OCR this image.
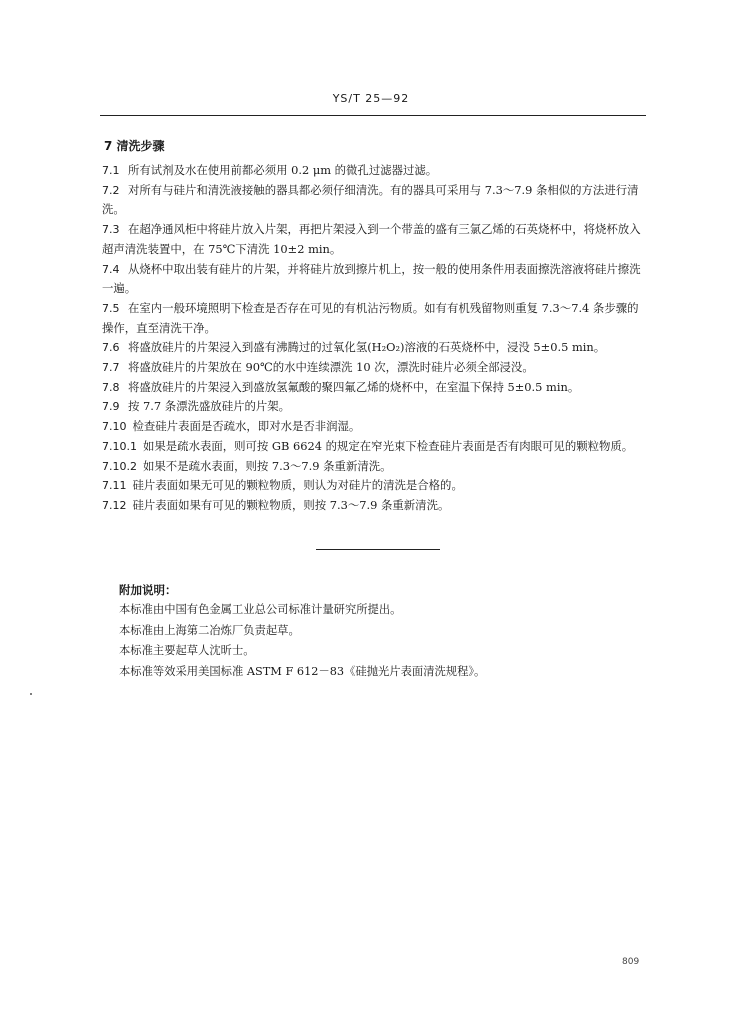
YS/T 25—92
7 清洗步骤

7.1 所有试剂及水在使用前都必须用 0.2 μm 的微孔过滤器过滤。

7.2 对所有与硅片和清洗液接触的器具都必须仔细清洗。有的器具可采用与 7.3～7.9 条相似的方法进行清洗。

7.3 在超净通风柜中将硅片放入片架，再把片架浸入到一个带盖的盛有三氯乙烯的石英烧杯中，将烧杯放入超声清洗装置中，在 75℃下清洗 10±2 min。

7.4 从烧杯中取出装有硅片的片架，并将硅片放到擦片机上，按一般的使用条件用表面擦洗溶液将硅片擦洗一遍。

7.5 在室内一般环境照明下检查是否存在可见的有机沾污物质。如有有机残留物则重复 7.3～7.4 条步骤的操作，直至清洗干净。

7.6 将盛放硅片的片架浸入到盛有沸腾过的过氧化氢(H₂O₂)溶液的石英烧杯中，浸没 5±0.5 min。

7.7 将盛放硅片的片架放在 90℃的水中连续漂洗 10 次，漂洗时硅片必须全部浸没。

7.8 将盛放硅片的片架浸入到盛放氢氟酸的聚四氟乙烯的烧杯中，在室温下保持 5±0.5 min。

7.9 按 7.7 条漂洗盛放硅片的片架。

7.10 检查硅片表面是否疏水，即对水是否非润湿。

7.10.1 如果是疏水表面，则可按 GB 6624 的规定在窄光束下检查硅片表面是否有肉眼可见的颗粒物质。

7.10.2 如果不是疏水表面，则按 7.3～7.9 条重新清洗。

7.11 硅片表面如果无可见的颗粒物质，则认为对硅片的清洗是合格的。

7.12 硅片表面如果有可见的颗粒物质，则按 7.3～7.9 条重新清洗。

附加说明：
本标准由中国有色金属工业总公司标准计量研究所提出。
本标准由上海第二冶炼厂负责起草。
本标准主要起草人沈昕士。
本标准等效采用美国标准 ASTM F 612－83《硅抛光片表面清洗规程》。
809
